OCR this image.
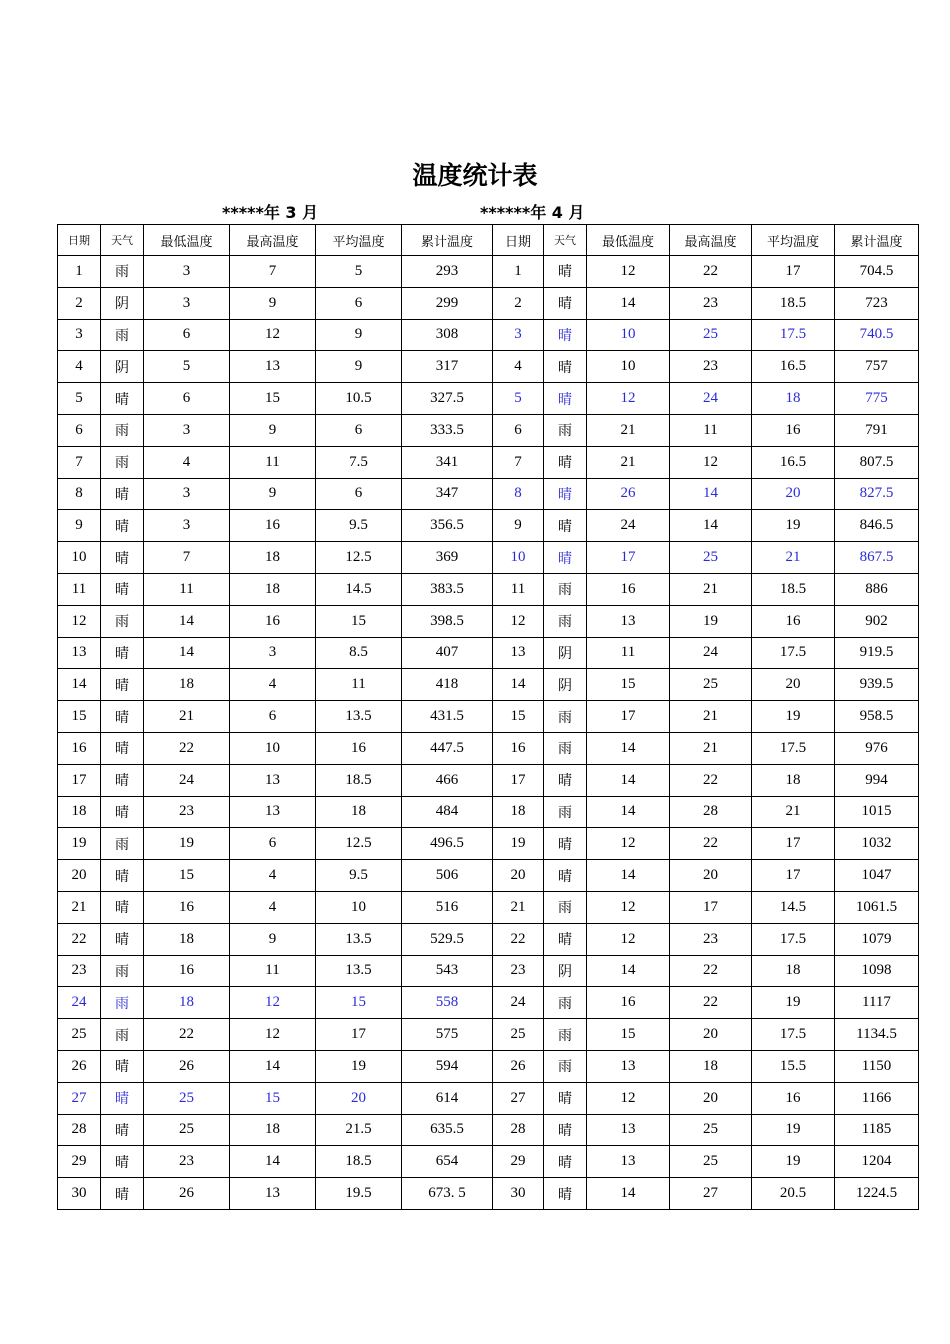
温度统计表
*****年 3 月	******年 4 月
日期	天气	最低温度	最高温度	平均温度	累计温度	日期	天气	最低温度	最高温度	平均温度	累计温度
1	雨	3	7	5	293	1	晴	12	22	17	704.5
2	阴	3	9	6	299	2	晴	14	23	18.5	723
3	雨	6	12	9	308	3	晴	10	25	17.5	740.5
4	阴	5	13	9	317	4	晴	10	23	16.5	757
5	晴	6	15	10.5	327.5	5	晴	12	24	18	775
6	雨	3	9	6	333.5	6	雨	21	11	16	791
7	雨	4	11	7.5	341	7	晴	21	12	16.5	807.5
8	晴	3	9	6	347	8	晴	26	14	20	827.5
9	晴	3	16	9.5	356.5	9	晴	24	14	19	846.5
10	晴	7	18	12.5	369	10	晴	17	25	21	867.5
11	晴	11	18	14.5	383.5	11	雨	16	21	18.5	886
12	雨	14	16	15	398.5	12	雨	13	19	16	902
13	晴	14	3	8.5	407	13	阴	11	24	17.5	919.5
14	晴	18	4	11	418	14	阴	15	25	20	939.5
15	晴	21	6	13.5	431.5	15	雨	17	21	19	958.5
16	晴	22	10	16	447.5	16	雨	14	21	17.5	976
17	晴	24	13	18.5	466	17	晴	14	22	18	994
18	晴	23	13	18	484	18	雨	14	28	21	1015
19	雨	19	6	12.5	496.5	19	晴	12	22	17	1032
20	晴	15	4	9.5	506	20	晴	14	20	17	1047
21	晴	16	4	10	516	21	雨	12	17	14.5	1061.5
22	晴	18	9	13.5	529.5	22	晴	12	23	17.5	1079
23	雨	16	11	13.5	543	23	阴	14	22	18	1098
24	雨	18	12	15	558	24	雨	16	22	19	1117
25	雨	22	12	17	575	25	雨	15	20	17.5	1134.5
26	晴	26	14	19	594	26	雨	13	18	15.5	1150
27	晴	25	15	20	614	27	晴	12	20	16	1166
28	晴	25	18	21.5	635.5	28	晴	13	25	19	1185
29	晴	23	14	18.5	654	29	晴	13	25	19	1204
30	晴	26	13	19.5	673. 5	30	晴	14	27	20.5	1224.5
